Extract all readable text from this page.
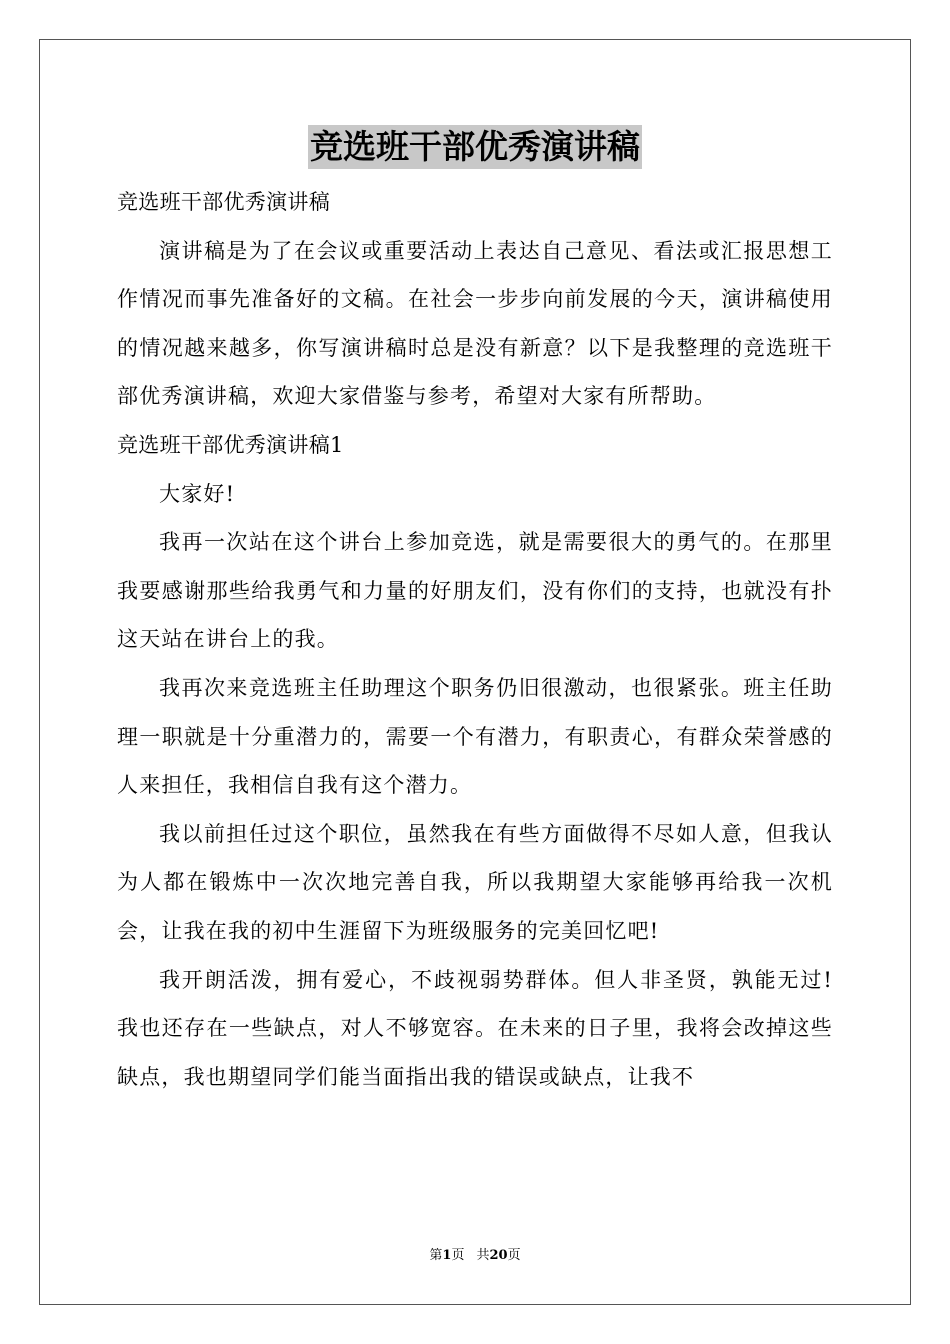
竞选班干部优秀演讲稿

竞选班干部优秀演讲稿

演讲稿是为了在会议或重要活动上表达自己意见、看法或汇报思想工作情况而事先准备好的文稿。在社会一步步向前发展的今天，演讲稿使用的情况越来越多，你写演讲稿时总是没有新意？以下是我整理的竞选班干部优秀演讲稿，欢迎大家借鉴与参考，希望对大家有所帮助。

竞选班干部优秀演讲稿1

大家好!

我再一次站在这个讲台上参加竞选，就是需要很大的勇气的。在那里我要感谢那些给我勇气和力量的好朋友们，没有你们的支持，也就没有扑这天站在讲台上的我。

我再次来竞选班主任助理这个职务仍旧很激动，也很紧张。班主任助理一职就是十分重潜力的，需要一个有潜力，有职责心，有群众荣誉感的人来担任，我相信自我有这个潜力。

我以前担任过这个职位，虽然我在有些方面做得不尽如人意，但我认为人都在锻炼中一次次地完善自我，所以我期望大家能够再给我一次机会，让我在我的初中生涯留下为班级服务的完美回忆吧!

我开朗活泼，拥有爱心，不歧视弱势群体。但人非圣贤，孰能无过!我也还存在一些缺点，对人不够宽容。在未来的日子里，我将会改掉这些缺点，我也期望同学们能当面指出我的错误或缺点，让我不

第1页 共20页
